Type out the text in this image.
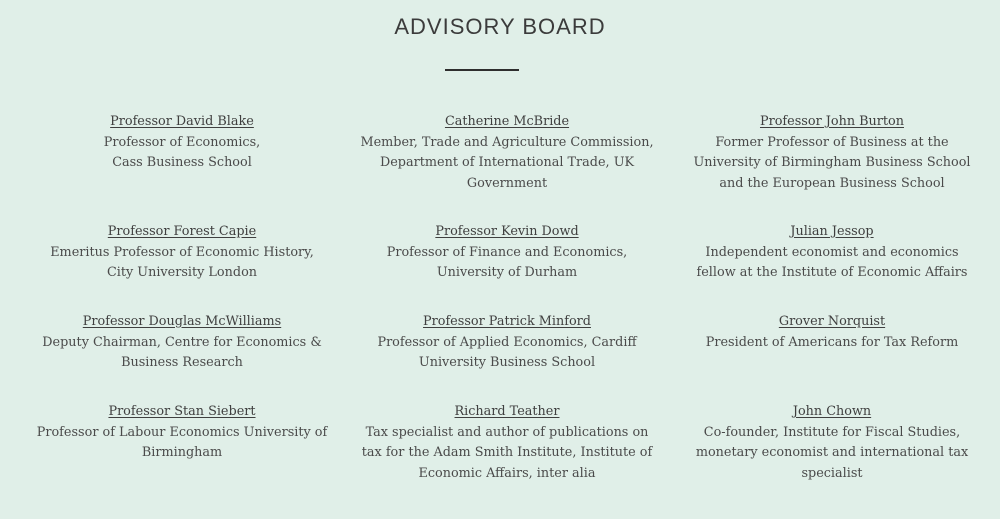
ADVISORY BOARD
Professor David Blake
Professor of Economics,
Cass Business School
Catherine McBride
Member, Trade and Agriculture Commission,
Department of International Trade, UK
Government
Professor John Burton
Former Professor of Business at the
University of Birmingham Business School
and the European Business School
Professor Forest Capie
Emeritus Professor of Economic History,
City University London
Professor Kevin Dowd
Professor of Finance and Economics,
University of Durham
Julian Jessop
Independent economist and economics
fellow at the Institute of Economic Affairs
Professor Douglas McWilliams
Deputy Chairman, Centre for Economics &
Business Research
Professor Patrick Minford
Professor of Applied Economics, Cardiff
University Business School
Grover Norquist
President of Americans for Tax Reform
Professor Stan Siebert
Professor of Labour Economics University of
Birmingham
Richard Teather
Tax specialist and author of publications on
tax for the Adam Smith Institute, Institute of
Economic Affairs, inter alia
John Chown
Co-founder, Institute for Fiscal Studies,
monetary economist and international tax
specialist
